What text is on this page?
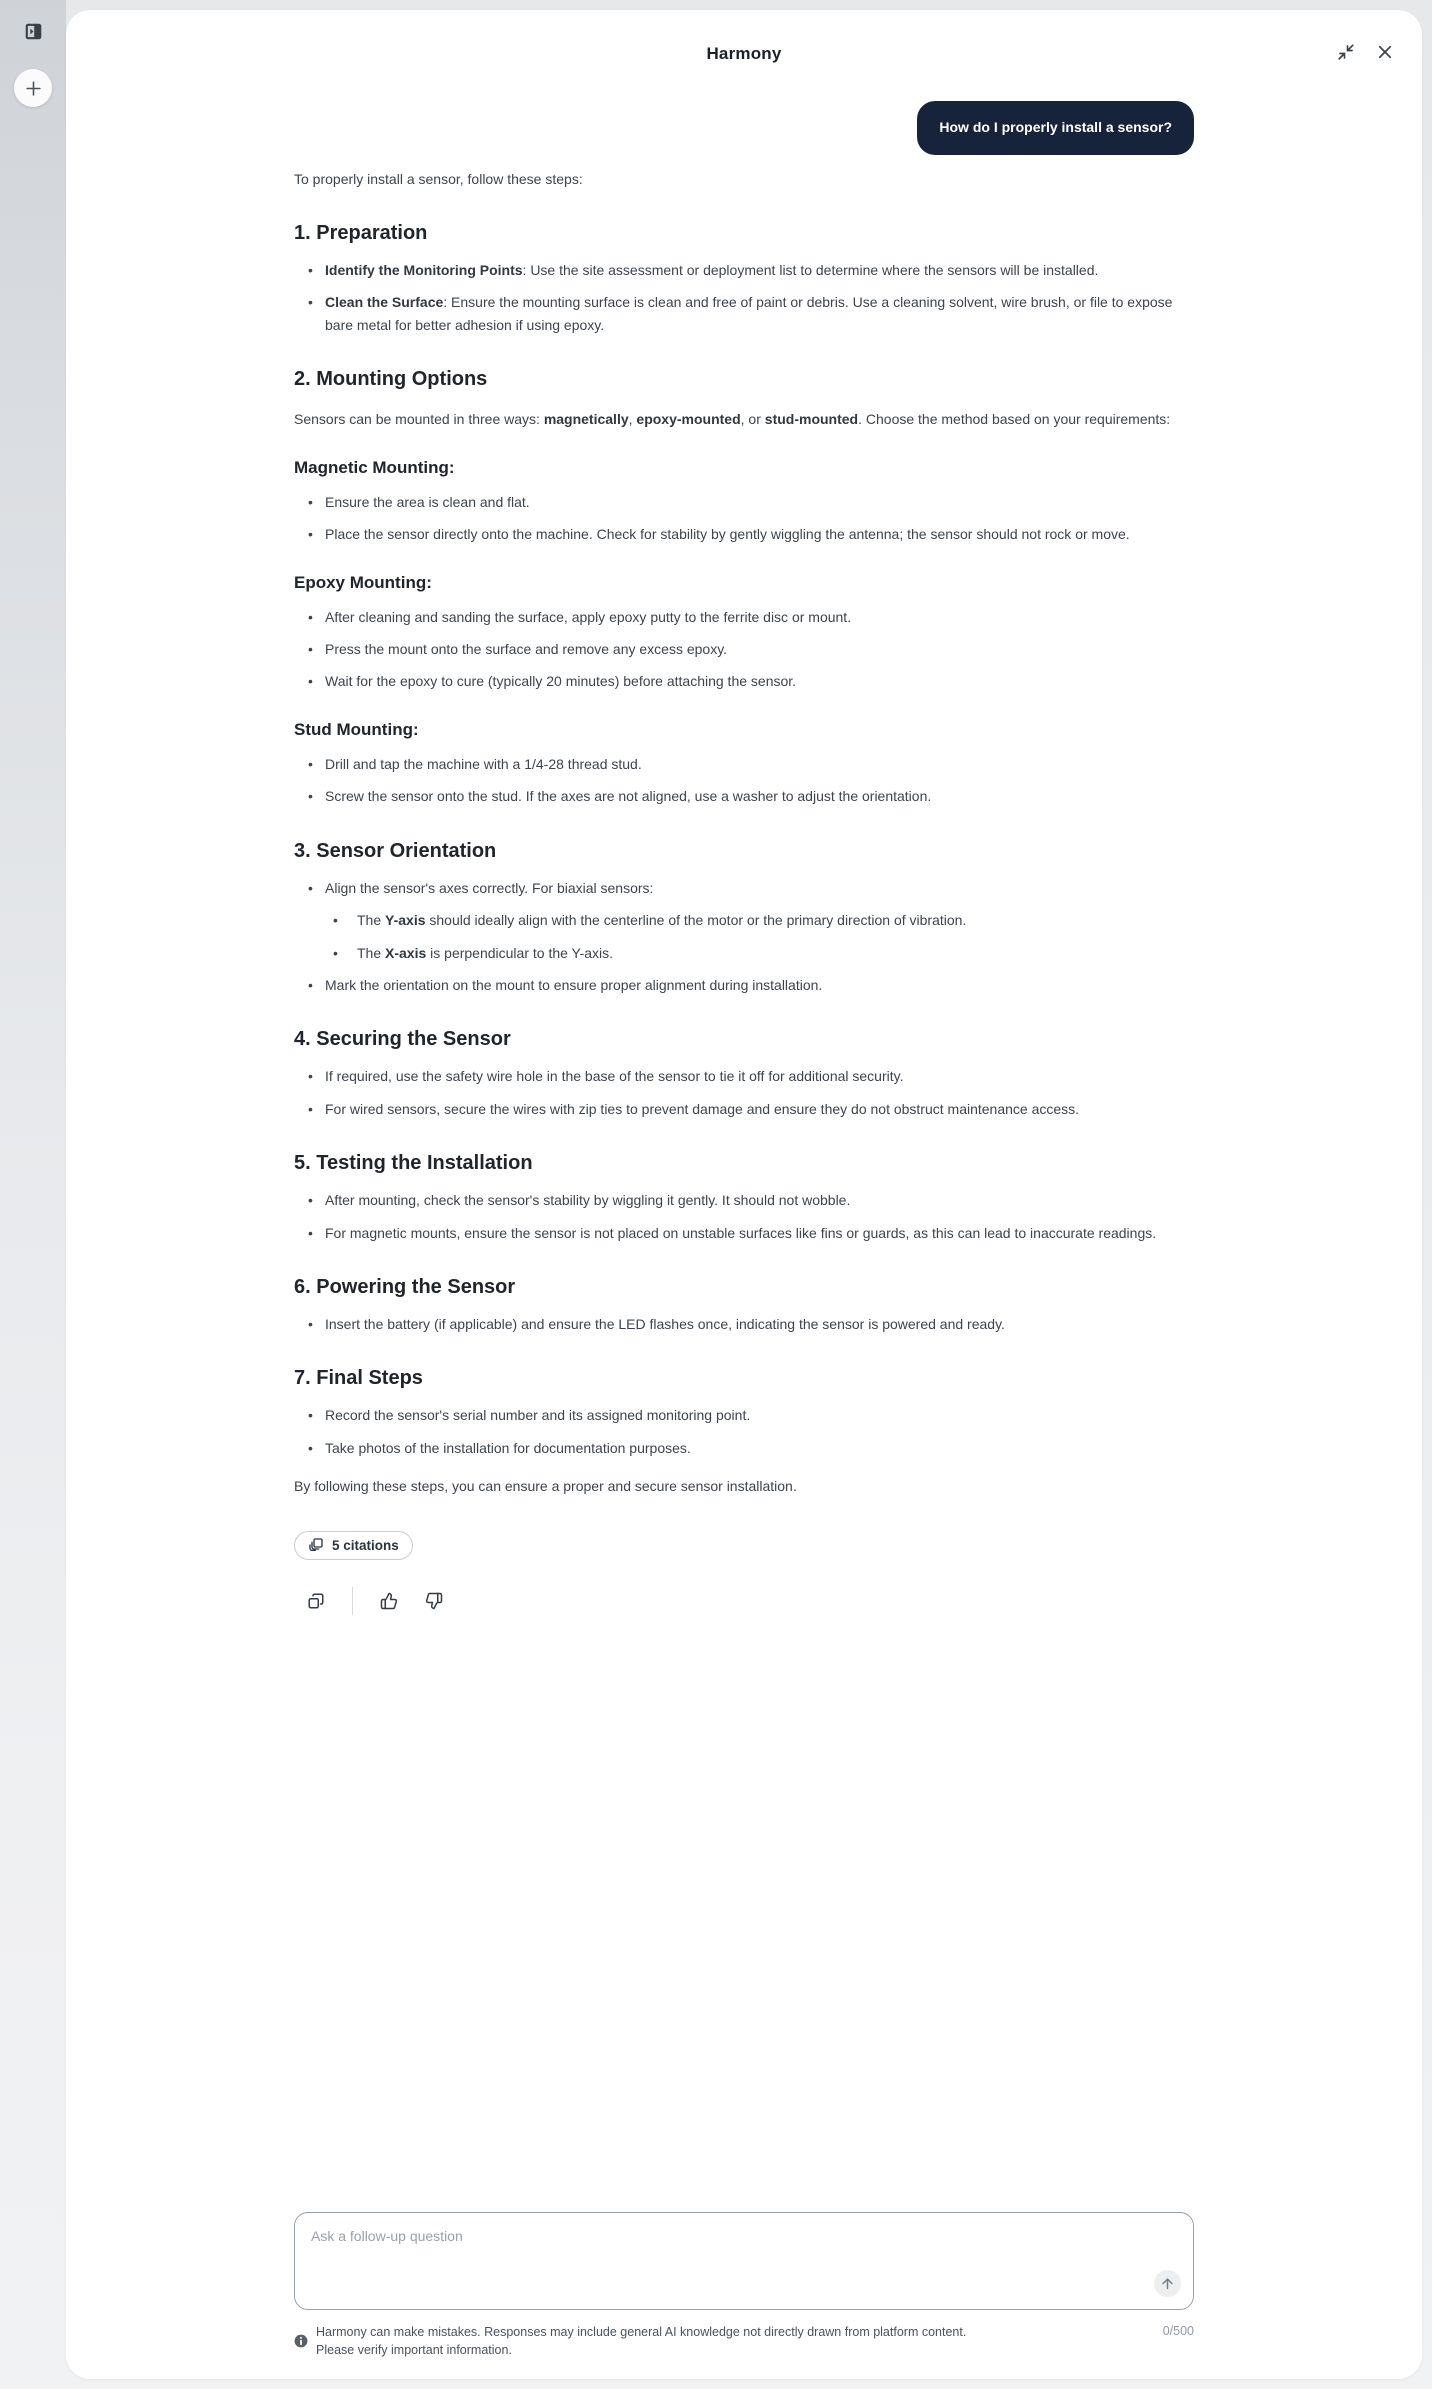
Harmony
How do I properly install a sensor?

To properly install a sensor, follow these steps:

1. Preparation
• Identify the Monitoring Points: Use the site assessment or deployment list to determine where the sensors will be installed.
• Clean the Surface: Ensure the mounting surface is clean and free of paint or debris. Use a cleaning solvent, wire brush, or file to expose bare metal for better adhesion if using epoxy.
2. Mounting Options

Sensors can be mounted in three ways: magnetically, epoxy-mounted, or stud-mounted. Choose the method based on your requirements:

Magnetic Mounting:
• Ensure the area is clean and flat.
• Place the sensor directly onto the machine. Check for stability by gently wiggling the antenna; the sensor should not rock or move.
Epoxy Mounting:
• After cleaning and sanding the surface, apply epoxy putty to the ferrite disc or mount.
• Press the mount onto the surface and remove any excess epoxy.
• Wait for the epoxy to cure (typically 20 minutes) before attaching the sensor.
Stud Mounting:
• Drill and tap the machine with a 1/4-28 thread stud.
• Screw the sensor onto the stud. If the axes are not aligned, use a washer to adjust the orientation.
3. Sensor Orientation
• Align the sensor's axes correctly. For biaxial sensors:
• The Y-axis should ideally align with the centerline of the motor or the primary direction of vibration.
• The X-axis is perpendicular to the Y-axis.
• Mark the orientation on the mount to ensure proper alignment during installation.
4. Securing the Sensor
• If required, use the safety wire hole in the base of the sensor to tie it off for additional security.
• For wired sensors, secure the wires with zip ties to prevent damage and ensure they do not obstruct maintenance access.
5. Testing the Installation
• After mounting, check the sensor's stability by wiggling it gently. It should not wobble.
• For magnetic mounts, ensure the sensor is not placed on unstable surfaces like fins or guards, as this can lead to inaccurate readings.
6. Powering the Sensor
• Insert the battery (if applicable) and ensure the LED flashes once, indicating the sensor is powered and ready.
7. Final Steps
• Record the sensor's serial number and its assigned monitoring point.
• Take photos of the installation for documentation purposes.

By following these steps, you can ensure a proper and secure sensor installation.

5 citations
Ask a follow-up question
Harmony can make mistakes. Responses may include general AI knowledge not directly drawn from platform content.
Please verify important information.
0/500
